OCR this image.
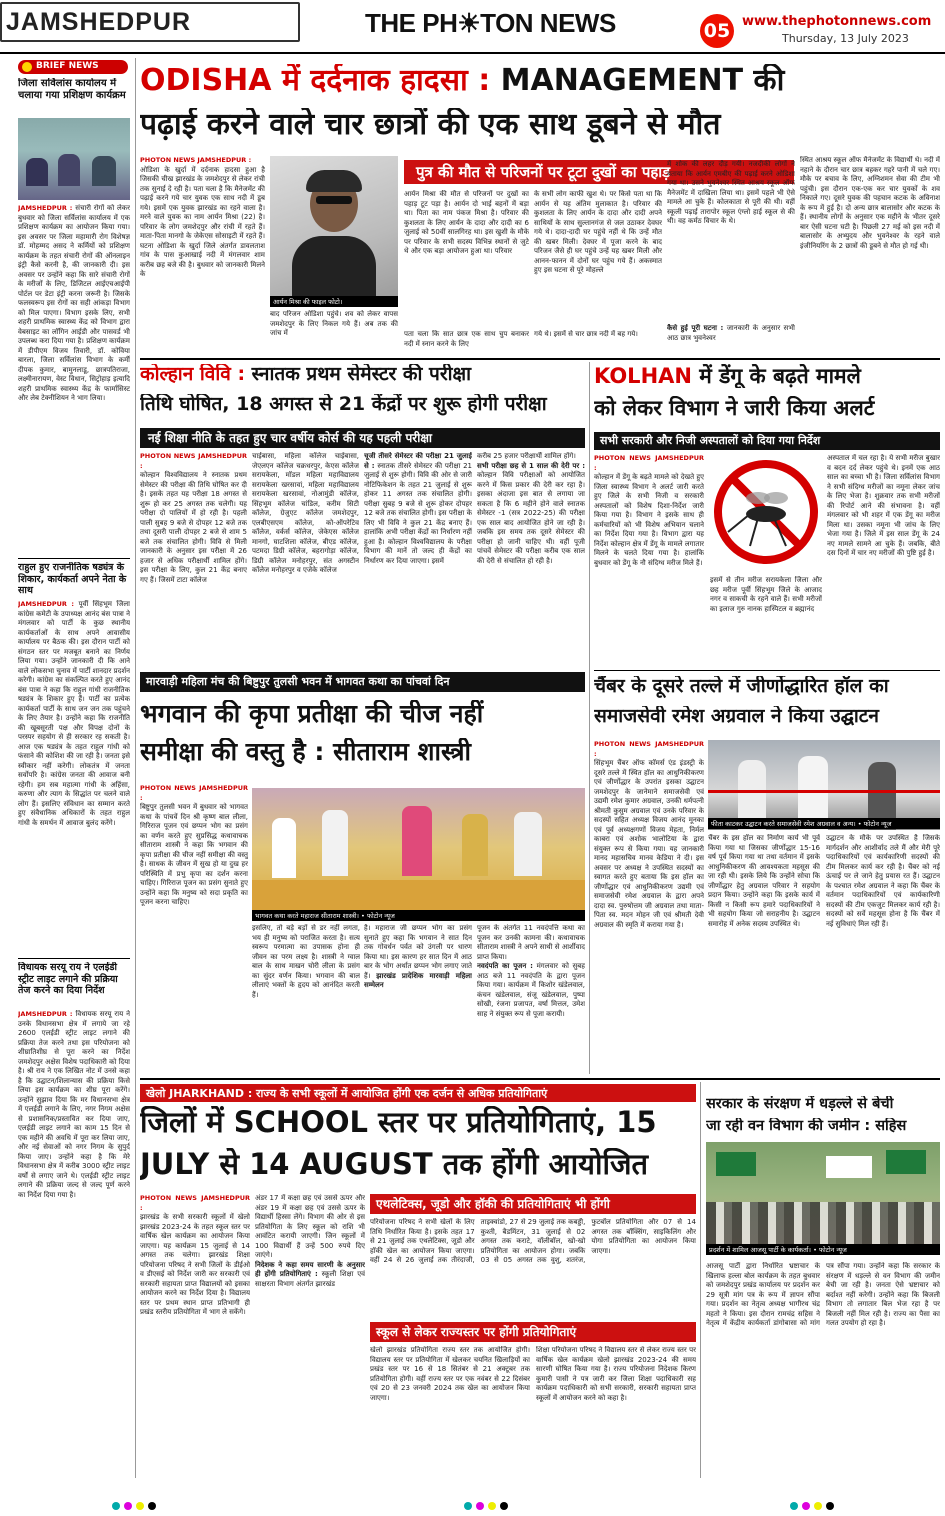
JAMSHEDPUR	THE PH☀TON NEWS	05 www.thephotonnews.com
Thursday, 13 July 2023
BRIEF NEWS
जिला सर्विलांस कार्यालय में चलाया गया प्रशिक्षण कार्यक्रम
JAMSHEDPUR : संचारी रोगों को लेकर बुधवार को जिला सर्विलांस कार्यालय में एक प्रशिक्षण कार्यक्रम का आयोजन किया गया। इस अवसर पर जिला महामारी रोग विशेषज्ञ डॉ. मोहम्मद असद ने कर्मियों को प्रशिक्षण कार्यक्रम के तहत संचारी रोगों की ऑनलाइन इंट्री कैसे करनी है, की जानकारी दी। इस अवसर पर उन्होंने कहा कि सारे संचारी रोगों के मरीजों के लिए, डिजिटल आईएचआईपी पोर्टल पर डेटा इंट्री करना जरूरी है। जिसके फलस्वरूप इस रोगों का सही आंकड़ा विभाग को मिल पाएगा। विभाग इसके लिए, सभी शहरी प्राथमिक स्वास्थ्य केंद्र को विभाग द्वारा वेबसाइट का लॉगिन आईडी और पासवर्ड भी उपलब्ध करा दिया गया है। प्रशिक्षण कार्यक्रम में डीपीएम विजय तिवारी, डॉ. कोविया बारला, जिला सर्विलांस विभाग के कर्मी दीपक कुमार, बामुनलाडू, छात्रपतिराजा, लक्ष्मीनारायण, वेस्ट विधान, सिट्रोहाड़ इत्यादि शहरी प्राथमिक स्वास्थ्य केंद्र के फार्मासिस्ट और लेब टेक्नीशियन ने भाग लिया।
राहुल हुए राजनीतिक षड्यंत्र के शिकार, कार्यकर्ता अपने नेता के साथ
JAMSHEDPUR : पूर्वी सिंहभूम जिला कांग्रेस कमेटी के उपाध्यक्ष आनंद बंस पात्रा ने मंगलवार को पार्टी के कुछ स्थानीय कार्यकर्ताओं के साथ अपने आवासीय कार्यालय पर बैठक की। इस दौरान पार्टी को संगठन स्तर पर मजबूत बनाने का निर्णय लिया गया। उन्होंने जानकारी दी कि आने वाले लोकसभा चुनाव में पार्टी शानदार प्रदर्शन करेगी। कांग्रेस का संकल्पित करते हुए आनंद बंस पात्रा ने कहा कि राहुल गांधी राजनीतिक षड्यंत्र के शिकार हुए हैं। पार्टी का प्रत्येक कार्यकर्ता पार्टी के साथ जन जन तक पहुंचने के लिए तैयार है। उन्होंने कहा कि राजनीति की खूबसूरती पक्ष और विपक्ष दोनों के परस्पर सहयोग से ही सरकार रह सकती है। आज एक षड्यंत्र के तहत राहुल गांधी को फंसाने की कोशिश की जा रही है। जनता इसे स्वीकार नहीं करेगी। लोकतंत्र में जनता सर्वोपरि है। कांग्रेस जनता की आवाज बनी रहेगी। हम सब महात्मा गांधी के अहिंसा, करुणा और त्याग के सिद्धांत पर चलने वाले लोग हैं। इसलिए संविधान का सम्मान करते हुए संवैधानिक अधिकारों के तहत राहुल गांधी के समर्थन में आवाज बुलंद करेंगे।
विधायक सरयू राय ने एलईडी स्ट्रीट लाइट लगाने की प्रक्रिया तेज करने का दिया निर्देश
JAMSHEDPUR : विधायक सरयू राय ने उनके विधानसभा क्षेत्र में लगाये जा रहे 2600 एलईडी स्ट्रीट लाइट लगाने की प्रक्रिया तेज करने तथा इस परियोजना को शीघ्रातिशीघ्र से पूरा करने का निर्देश जमशेदपुर अक्षेस विशेष पदाधिकारी को दिया है। श्री राय ने एक लिखित नोट में उनसे कहा है कि उद्घाटन/शिलान्यास की प्रक्रिया किसे लिया इस कार्यक्रम का शीघ्र पूरा करेंगे। उन्होंने सुझाव दिया कि मर विधानसभा क्षेत्र में एलईडी लगाने के लिए, नगर निगम अक्षेस से प्रशासनिक/प्रस्तावित कर दिया जाए, एलईडी लाइट लगाने का काम 15 दिन से एक महीने की अवधि में पूरा कर लिया जाए, और नई सेवाओं को नगर निगम के सुपुर्द किया जाए। उन्होंने कहा है कि मेरे विधानसभा क्षेत्र में करीब 3000 स्ट्रीट लाइट वर्षों से लगाए जाने थे। एलईडी स्ट्रीट लाइट लगाने की प्रक्रिया जल्द से जल्द पूर्ण करने का निर्देश दिया गया है।
ODISHA में दर्दनाक हादसा : MANAGEMENT की
पढ़ाई करने वाले चार छात्रों की एक साथ डूबने से मौत
PHOTON NEWS JAMSHEDPUR :
ओडिशा के खुर्दा में दर्दनाक हादसा हुआ है जिसकी चीख झारखंड के जमशेदपुर से लेकर रांची तक सुनाई दे रही है। पता चला है कि मैनेजमेंट की पढ़ाई करने गये चार युवक एक साथ नदी में डूब गये। इसमें एक युवक झारखंड का रहने वाला है। मरने वाले युवक का नाम आर्यन मिश्रा (22) है। परिवार के लोग जमशेदपुर और रांची में रहते हैं। माता-पिता मानगो के जेकेएस सोसाइटी में रहते हैं। घटना ओडिशा के खुर्दा जिले अंतर्गत डावलताश गांव के पास कुआखाई नदी में मंगलवार शाम करीब छह बजे की है। बुधवार को जानकारी मिलने के
आर्यन मिश्रा की फाइल फोटो।
बाद परिजन ओडिशा पहुंचे। शव को लेकर वापस जमशेदपुर के लिए निकल गये हैं। अब तक की जांच में
पुत्र की मौत से परिजनों पर टूटा दुखों का पहाड़
आर्यन मिश्रा की मौत से परिजनों पर दुखों का पहाड़ टूट पड़ा है। आर्यन दो भाई बहनों में बड़ा था। पिता का नाम पंकज मिश्रा है। परिवार की कुशलता के लिए आर्यन के दादा और दादी का 6 जुलाई को 50वीं सालगिरह था। इस खुशी के मौके पर परिवार के सभी सदस्य विभिन्न स्थानों से जुटे थे और एक बड़ा आयोजन हुआ था। परिवार
के सभी लोग काफी खुश थे। पर किसे पता था कि आर्यन से यह अंतिम मुलाकात है। परिवार की कुशलता के लिए आर्यन के दादा और दादी अपने साथियों के साथ सुल्तानगंज से जल उठाकर देवघर गये थे। दादा-दादी घर पहुंचे नहीं थे कि उन्हें मौत की खबर मिली। देवघर में पूजा करने के बाद परिजन जैसे ही घर पहुंचे उन्हें यह खबर मिली और आनन-फानन में दोनों घर पहुंच गये हैं। अकस्मात हुए इस घटना से पूरे मोहल्ले
में शोक की लहर दौड़ गयी। नजदीकी लोगों ने बताया कि आर्यन एमबीए की पढ़ाई करने ओडिशा गया था। उसने भुवनेश्वर स्थित आश्रय स्कूल ऑफ मैनेजमेंट में दाखिला लिया था। इसमें पहले भी ऐसे मामले आ चुके हैं। कोलकाता से पूरी की थी। वहीं स्कूली पढ़ाई तारापोर स्कूल एंग्लो हाई स्कूल से की थी। वह कर्मठ विचार के थे।
पता चला कि सात छात्र एक साथ चुप बनाकर नदी में स्नान करने के लिए
गये थे। इसमें से चार छात्र नदी में बह गये।
कैसे हुई पूरी घटना : जानकारी के अनुसार सभी आठ छात्र भुवनेश्वर
स्थित आश्रय स्कूल ऑफ मैनेजमेंट के विद्यार्थी थे। नदी में नहाने के दौरान चार छात्र बहकर गहरे पानी में चले गए। मौके पर बचाव के लिए, अग्निशमन सेवा की टीम भी पहुंची। इस दौरान एक-एक कर चार युवकों के शव निकाले गए। दूसरे युवक की पहचान कटक के अविनाश के रूप में हुई है। दो अन्य छात्र बालासोर और कटक के हैं। स्थानीय लोगों के अनुसार एक महीने के भीतर दूसरे बार ऐसी घटना घटी है। पिछली 27 मई को इस नदी में बालासोर के अभ्युदय और भुवनेश्वर के रहने वाले इंजीनियरिंग के 2 छात्रों की डूबने से मौत हो गई थी।
कोल्हान विवि : स्नातक प्रथम सेमेस्टर की परीक्षा
तिथि घोषित, 18 अगस्त से 21 केंद्रों पर शुरू होगी परीक्षा
नई शिक्षा नीति के तहत हुए चार वर्षीय कोर्स की यह पहली परीक्षा
PHOTON NEWS JAMSHEDPUR :
कोल्हान विश्वविद्यालय ने स्नातक प्रथम सेमेस्टर की परीक्षा की तिथि घोषित कर दी है। इसके तहत यह परीक्षा 18 अगस्त से शुरू हो कर 25 अगस्त तक चलेगी। यह परीक्षा दो पालियों में हो रही है। पहली पाली सुबह 9 बजे से दोपहर 12 बजे तक तथा दूसरी पाली दोपहर 2 बजे से शाम 5 बजे तक संचालित होगी। विवि से मिली जानकारी के अनुसार इस परीक्षा में 26 हजार से अधिक परीक्षार्थी शामिल होंगे। इस परीक्षा के लिए, कुल 21 केंद्र बनाए गए हैं। जिसमें टाटा कॉलेज
चाईबासा, महिला कॉलेज चाईबासा, जेएलएन कॉलेज चक्रधरपुर, केएस कॉलेज सरायकेला, मॉडल महिला महाविद्यालय सरायकेला खरसावां, महिला महाविद्यालय सरायकेला खरसावां, नोआमुंडी कॉलेज, सिंहभूम कॉलेज चांडिल, करीम सिटी कॉलेज, ग्रेजुएट कॉलेज जमशेदपुर, एलबीएसएम कॉलेज, को-ऑपरेटिव कॉलेज, वर्कर्स कॉलेज, जेकेएस कॉलेज मानगो, घाटशिला कॉलेज, बीएड कॉलेज, पटमदा डिग्री कॉलेज, बहरागोड़ा कॉलेज, डिग्री कॉलेज मनोहरपुर, संत अगस्टीन कॉलेज मनोहरपुर व एजेके कॉलेज
चूजी तीसरे सेमेस्टर की परीक्षा 21 जुलाई से : स्नातक तीसरे सेमेस्टर की परीक्षा 21 जुलाई से शुरू होगी। विवि की ओर से जारी नोटिफिकेशन के तहत 21 जुलाई से शुरू होकर 11 अगस्त तक संचालित होगी। परीक्षा सुबह 9 बजे से शुरू होकर दोपहर 12 बजे तक संचालित होगी। इस परीक्षा के लिए भी विवि ने कुल 21 केंद्र बनाए हैं। हालांकि अभी परीक्षा केंद्रों का निर्धारण नहीं हुआ है। कोल्हान विश्वविद्यालय के परीक्षा विभाग की मानें तो जल्द ही केंद्रों का निर्धारण कर दिया जाएगा। इसमें
करीब 25 हजार परीक्षार्थी शामिल होंगे।
सभी परीक्षा छह से 1 साल की देरी पर : कोल्हान विवि परीक्षाओं को आयोजित करने में किस प्रकार की देरी कर रहा है। इसका अंदाजा इस बात से लगाया जा सकता है कि 6 महीने होने वाले स्नातक सेमेस्टर -1 (सत्र 2022-25) की परीक्षा एक साल बाद आयोजित होने जा रही है। जबकि इस समय तक दूसरे सेमेस्टर की परीक्षा हो जानी चाहिए थी। वहीं पूजी पांचवें सेमेस्टर की परीक्षा करीब एक साल की देरी से संचालित हो रही है।
KOLHAN में डेंगू के बढ़ते मामले
को लेकर विभाग ने जारी किया अलर्ट
सभी सरकारी और निजी अस्पतालों को दिया गया निर्देश
PHOTON NEWS JAMSHEDPUR :
कोल्हान में डेंगू के बढ़ते मामले को देखते हुए जिला स्वास्थ्य विभाग ने अलर्ट जारी करते हुए जिले के सभी निजी व सरकारी अस्पतालों को विशेष दिशा-निर्देश जारी किया गया है। विभाग ने इसके साथ ही कर्मचारियों को भी विशेष अभियान चलाने का निर्देश दिया गया है। विभाग द्वारा यह निर्देश कोल्हान क्षेत्र में डेंगू के मामले लगातार मिलने के चलते दिया गया है। हालांकि बुधवार को डेंगू के नौ संदिग्ध मरीज मिले हैं।
इसमें से तीन मरीज सरायकेला जिला और छह मरीज पूर्वी सिंहभूम जिले के आजाद नगर व साकची के रहने वाले हैं। सभी मरीजों का इलाज गुरु नानक हास्पिटल व ब्रह्मानंद
अस्पताल में चल रहा है। ये सभी मरीज बुखार व बदन दर्द लेकर पहुंचे थे। इनमें एक आठ साल का बच्चा भी है। जिला सर्विलांस विभाग ने सभी संदिग्ध मरीजों का नमूना लेकर जांच के लिए भेजा है। शुक्रवार तक सभी मरीजों की रिपोर्ट आने की संभावना है। वहीं मंगलवार को भी शहर में एक डेंगू का मरीज मिला था। उसका नमूना भी जांच के लिए भेजा गया है। जिले में इस साल डेंगू के 24 नए मामले सामने आ चुके हैं। जबकि, बीते दस दिनों में चार नए मरीजों की पुष्टि हुई है।
मारवाड़ी महिला मंच की बिष्टुपुर तुलसी भवन में भागवत कथा का पांचवां दिन
भगवान की कृपा प्रतीक्षा की चीज नहीं
समीक्षा की वस्तु है : सीताराम शास्त्री
PHOTON NEWS JAMSHEDPUR :
बिष्टुपुर तुलसी भवन में बुधवार को भागवत कथा के पांचवें दिन श्री कृष्ण बाल लीला, गिरिराज पूजन एवं छप्पन भोग का प्रसंग का वर्णन करते हुए सुप्रसिद्ध कथावाचक सीताराम शास्त्री ने कहा कि भगवान की कृपा प्रतीक्षा की चीज नहीं समीक्षा की वस्तु है। साधक के जीवन में सुख हो या दुख हर परिस्थिति में प्रभु कृपा का दर्शन करना चाहिए। गिरिराज पूजन का प्रसंग सुनाते हुए उन्होंने कहा कि मनुष्य को सदा प्रकृति का पूजन करना चाहिए।
भागवत कथा करते महाराज सीताराम शास्त्री। • फोटोन न्यूज
इसलिए, तो बड़े बड़ों से डर नहीं लगता, भय ही मनुष्य को पराजित करता है। सत्य स्वरूप परमात्मा का उपासक होना ही जीवन का परम लक्ष्य है। शास्त्री ने ग्वाल बाल के साथ माखन चोरी लीला के प्रसंग का सुंदर वर्णन किया। भगवान की बाल लीलाएं भक्तों के हृदय को आनंदित करती हैं।
है। महाराज जी छप्पन भोग का प्रसंग सुनाते हुए कहा कि भगवान ने सात दिन तक गोवर्धन पर्वत को उंगली पर धारण किया था। इस कारण हर सात दिन में आठ बार के भोग अर्थात छप्पन भोग लगाए जाते हैं। झारखंड प्रादेशिक मारवाड़ी महिला सम्मेलन
पूजन के अंतर्गत 11 नवदंपत्ति कथा का पूजन कर उनकी कामना की। कथावाचक सीताराम शास्त्री ने अपने साथी से आर्शीवाद प्राप्त किया।
नवदंपति का पूजन : मंगलवार को सुबह आठ बजे 11 नवदंपति के द्वारा पूजन किया गया। कार्यक्रम में किशोर खंडेलवाल, कंचन खंडेलवाल, संजू खंडेलवाल, पुष्पा सोखी, रंजना प्रजापत, वर्षा मित्तल, उमेश साह ने संयुक्त रूप से पूजा करायी।
चैंबर के दूसरे तल्ले में जीर्णोद्धारित हॉल का
समाजसेवी रमेश अग्रवाल ने किया उद्घाटन
PHOTON NEWS JAMSHEDPUR :
सिंहभूम चैंबर ऑफ कॉमर्स एंड इंडस्ट्री के दूसरे तल्ले में स्थित हॉल का आधुनिकीकरण एवं जीर्णोद्धार के उपरांत इसका उद्घाटन जमशेदपुर के जानेमाने समाजसेवी एवं उद्यमी रमेश कुमार अग्रवाल, उनकी धर्मपत्नी श्रीमती कुसुम अग्रवाल एवं उनके परिवार के सदस्यों सहित अध्यक्ष विजय आनंद मूनका एवं पूर्व अध्यक्षगणों विजय मेहता, निर्मल काबरा एवं अशोक भालोटिया के द्वारा संयुक्त रूप से किया गया। यह जानकारी मानद महासचिव मानव केडिया ने दी। इस अवसर पर अध्यक्ष ने उपस्थित सदस्यों का स्वागत करते हुए बताया कि इस हॉल का जीर्णोद्धार एवं आधुनिकीकरण उद्यमी एवं समाजसेवी रमेश अग्रवाल के द्वारा अपने दादा स्व. पुरुषोत्तम जी अग्रवाल तथा माता-पिता स्व. मदन मोहन जी एवं श्रीमती देवी अग्रवाल की स्मृति में कराया गया है।
फीता काटकर उद्घाटन करते समाजसेवी रमेश अग्रवाल व अन्य। • फोटोन न्यूज
चैंबर के इस हॉल का निर्माण कार्य भी पूर्व किया गया था जिसका जीर्णोद्धार 15-16 वर्ष पूर्व किया गया था तथा वर्तमान में इसके आधुनिकीकरण की आवश्यकता महसूस की जा रही थी। इसके लिये कि उन्होंने सोचा कि जीर्णोद्धार हेतु अग्रवाल परिवार ने सहयोग प्रदान किया। उन्होंने कहा कि इसके कार्य में किसी न किसी रूप हमारे पदाधिकारियों ने भी सहयोग किया जो सराहनीय है। उद्घाटन समारोह में अनेक सदस्य उपस्थित थे।
उद्घाटन के मौके पर उपस्थित है जिसके मार्गदर्शन और आशीर्वाद तले मैं और मेरी पूरे पदाधिकारियों एवं कार्यकारिणी सदस्यों की टीम मिलकर कार्य कर रही है। चैंबर को नई ऊंचाई पर ले जाने हेतु प्रयास रत हैं। उद्घाटन के पश्चात रमेश अग्रवाल ने कहा कि चैंबर के वर्तमान पदाधिकारियों एवं कार्यकारिणी सदस्यों की टीम एकजुट मिलकर कार्य रही है। सदस्यों को सर्वे महसूस होना है कि चैंबर में नई सुविधाएं मिल रही हैं।
खेलो JHARKHAND : राज्य के सभी स्कूलों में आयोजित होंगी एक दर्जन से अधिक प्रतियोगिताएं
जिलों में SCHOOL स्तर पर प्रतियोगिताएं, 15
JULY से 14 AUGUST तक होंगी आयोजित
PHOTON NEWS JAMSHEDPUR :
झारखंड के सभी सरकारी स्कूलों में खेलो झारखंड 2023-24 के तहत स्कूल स्तर पर वार्षिक खेल कार्यक्रम का आयोजन किया जाएगा। यह कार्यक्रम 15 जुलाई से 14 अगस्त तक चलेगा। झारखंड शिक्षा परियोजना परिषद ने सभी जिलों के डीईओ व डीएसई को निर्देश जारी कर सरकारी एवं सरकारी सहायता प्राप्त विद्यालयों को इसका आयोजन करने का निर्देश दिया है। विद्यालय स्तर पर प्रथम स्थान प्राप्त प्रतिभागी ही प्रखंड स्तरीय प्रतियोगिता में भाग ले सकेंगे।
अंडर 17 में कक्षा छह एवं उससे ऊपर और अंडर 19 में कक्षा छह एवं उससे ऊपर के विद्यार्थी हिस्सा लेंगे। विभाग की ओर से इस प्रतियोगिता के लिए स्कूल को राशि भी आवंटित करायी जाएगी। जिन स्कूलों में 100 विद्यार्थी हैं उन्हें 500 रुपये दिए जाएंगे।
निदेशक ने कहा समय सारणी के अनुसार ही होंगी प्रतियोगिताएं : स्कूली शिक्षा एवं साक्षरता विभाग अंतर्गत झारखंड
एथलेटिक्स, जूडो और हॉकी की प्रतियोगिताएं भी होंगी
परियोजना परिषद ने सभी खेलों के लिए तिथि निर्धारित किया है। इसके तहत 17 से 21 जुलाई तक एथलेटिक्स, जूडो और हॉकी खेल का आयोजन किया जाएगा। वहीं 24 से 26 जुलाई तक तीरंदाजी, ताइक्वांडो, 27 से 29 जुलाई तक कबड्डी, कुश्ती, बैडमिंटन, 31 जुलाई से 02 अगस्त तक कराटे, वॉलीबॉल, खो-खो प्रतियोगिता का आयोजन होगा। जबकि 03 से 05 अगस्त तक वुशु, शतरंज, फुटबॉल प्रतियोगिता और 07 से 14 अगस्त तक बॉक्सिंग, साइकिलिंग और योगा प्रतियोगिता का आयोजन किया जाएगा।
स्कूल से लेकर राज्यस्तर पर होंगी प्रतियोगिताएं
खेलो झारखंड प्रतियोगिता राज्य स्तर तक आयोजित होगी। विद्यालय स्तर पर प्रतियोगिता में खेलकर चयनित खिलाड़ियों का प्रखंड स्तर पर 16 से 18 सितंबर से 21 अक्टूबर तक प्रतियोगिता होगी। वहीं राज्य स्तर पर एक नवंबर से 22 दिसंबर एवं 20 से 23 जनवरी 2024 तक खेल का आयोजन किया जाएगा।
शिक्षा परियोजना परिषद ने विद्यालय स्तर से लेकर राज्य स्तर पर वार्षिक खेल कार्यक्रम खेलो झारखंड 2023-24 की समय सारणी घोषित किया गया है। राज्य परियोजना निदेशक किरण कुमारी पासी ने पत्र जारी कर जिला शिक्षा पदाधिकारी सह कार्यक्रम पदाधिकारी को सभी सरकारी, सरकारी सहायता प्राप्त स्कूलों में आयोजन करने को कहा है।
सरकार के संरक्षण में धड़ल्ले से बेची
जा रही वन विभाग की जमीन : सहिस
प्रदर्शन में शामिल आजसू पार्टी के कार्यकर्ता। • फोटोन न्यूज
आजसू पार्टी द्वारा निर्धारित भ्रष्टाचार के खिलाफ हल्ला बोल कार्यक्रम के तहत बुधवार को जमशेदपुर प्रखंड कार्यालय पर प्रदर्शन कर 29 सूत्री मांग पत्र के रूप में ज्ञापन सौंपा गया। प्रदर्शन का नेतृत्व अध्यक्ष भागीरथ चंद्र महतो ने किया। इस दौरान रामचंद्र सहिस ने नेतृत्व में केंद्रीय कार्यकर्ता डांगोबासा को मांग पत्र सौंपा गया। उन्होंने कहा कि सरकार के संरक्षण में धड़ल्ले से वन विभाग की जमीन बेची जा रही है। जनता ऐसे भ्रष्टाचार को बर्दाश्त नहीं करेगी। उन्होंने कहा कि बिजली विभाग तो लगातार बिल भेज रहा है पर बिजली नहीं मिल रही है। राज्य का पैसा का गलत उपयोग हो रहा है।
